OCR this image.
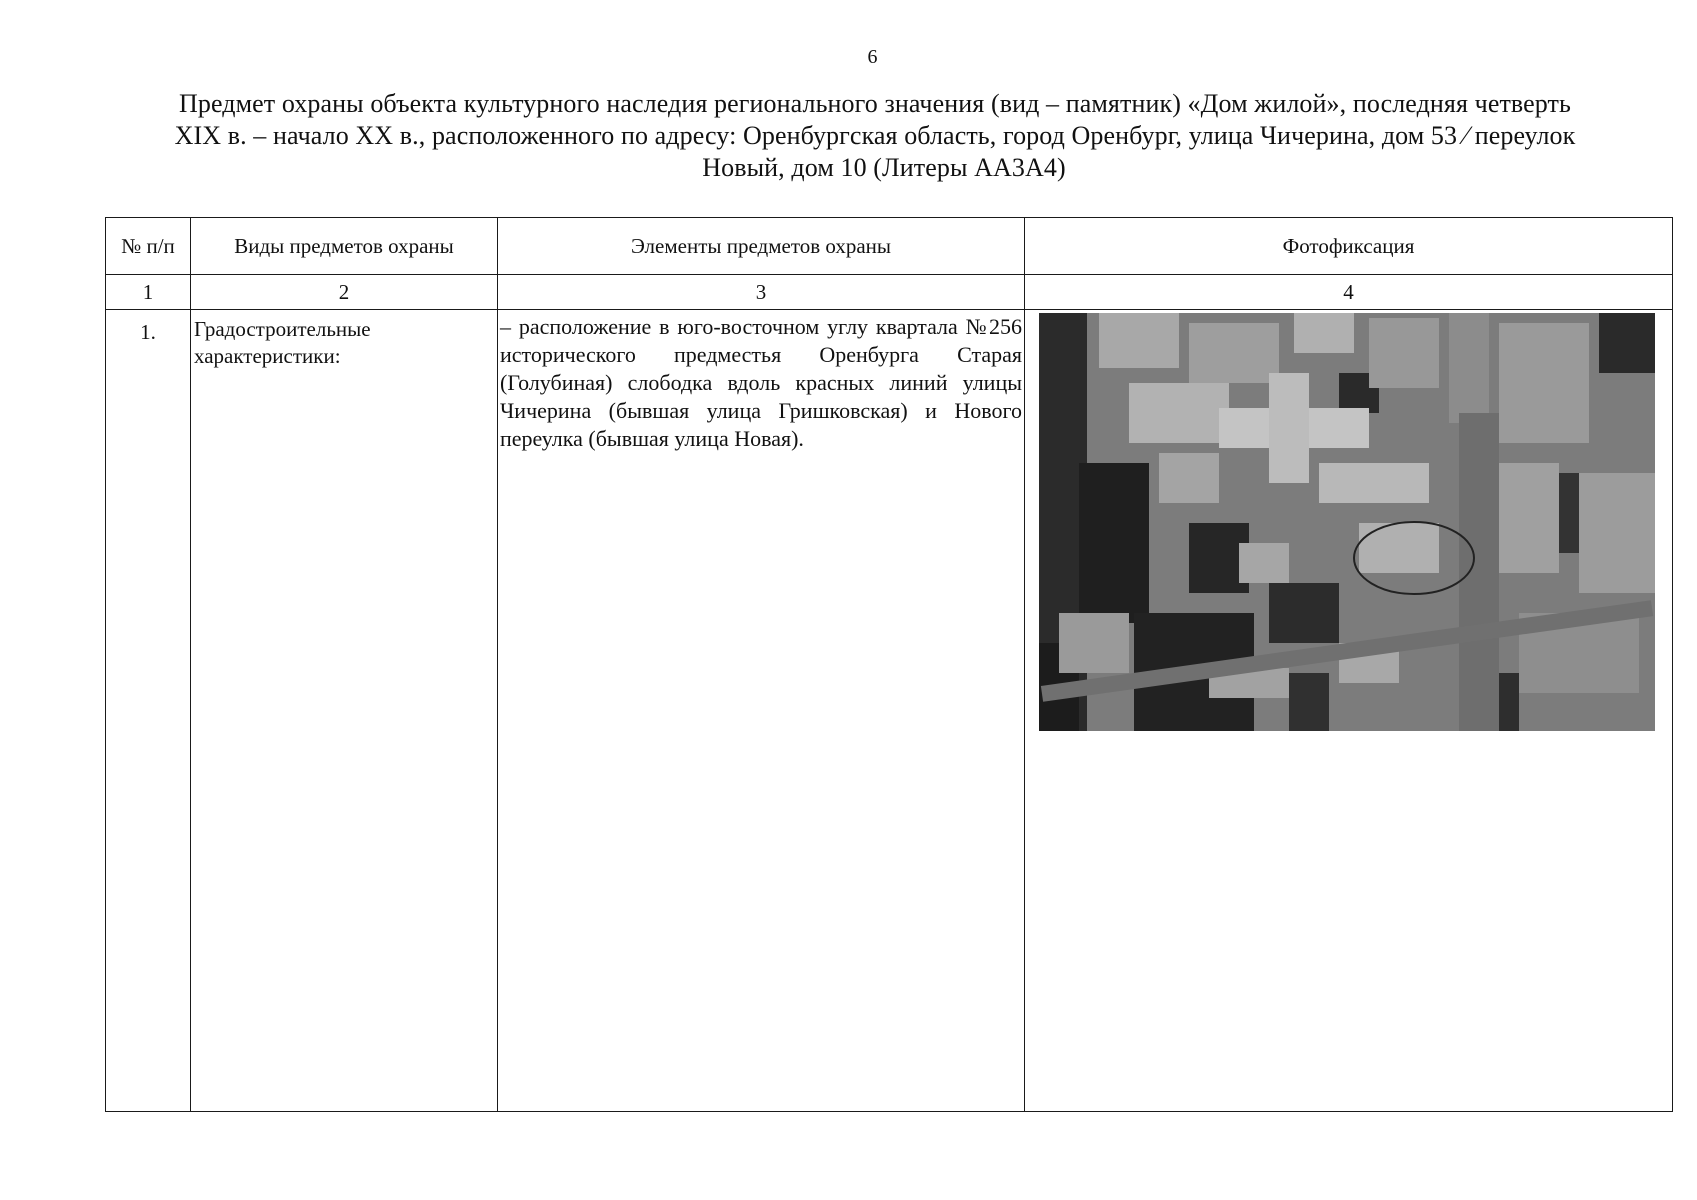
6
Предмет охраны объекта культурного наследия регионального значения (вид – памятник) «Дом жилой», последняя четверть
XIX в. – начало XX в., расположенного по адресу: Оренбургская область, город Оренбург, улица Чичерина, дом 53 ⁄ переулок
Новый, дом 10 (Литеры АА3А4)
№ п/п	Виды предметов охраны	Элементы предметов охраны	Фотофиксация
1	2	3	4
1.	Градостроительные характеристики:	– расположение в юго-восточном углу квартала №256 исторического предместья Оренбурга Старая (Голубиная) слободка вдоль красных линий улицы Чичерина (бывшая улица Гришковская) и Нового переулка (бывшая улица Новая).	
